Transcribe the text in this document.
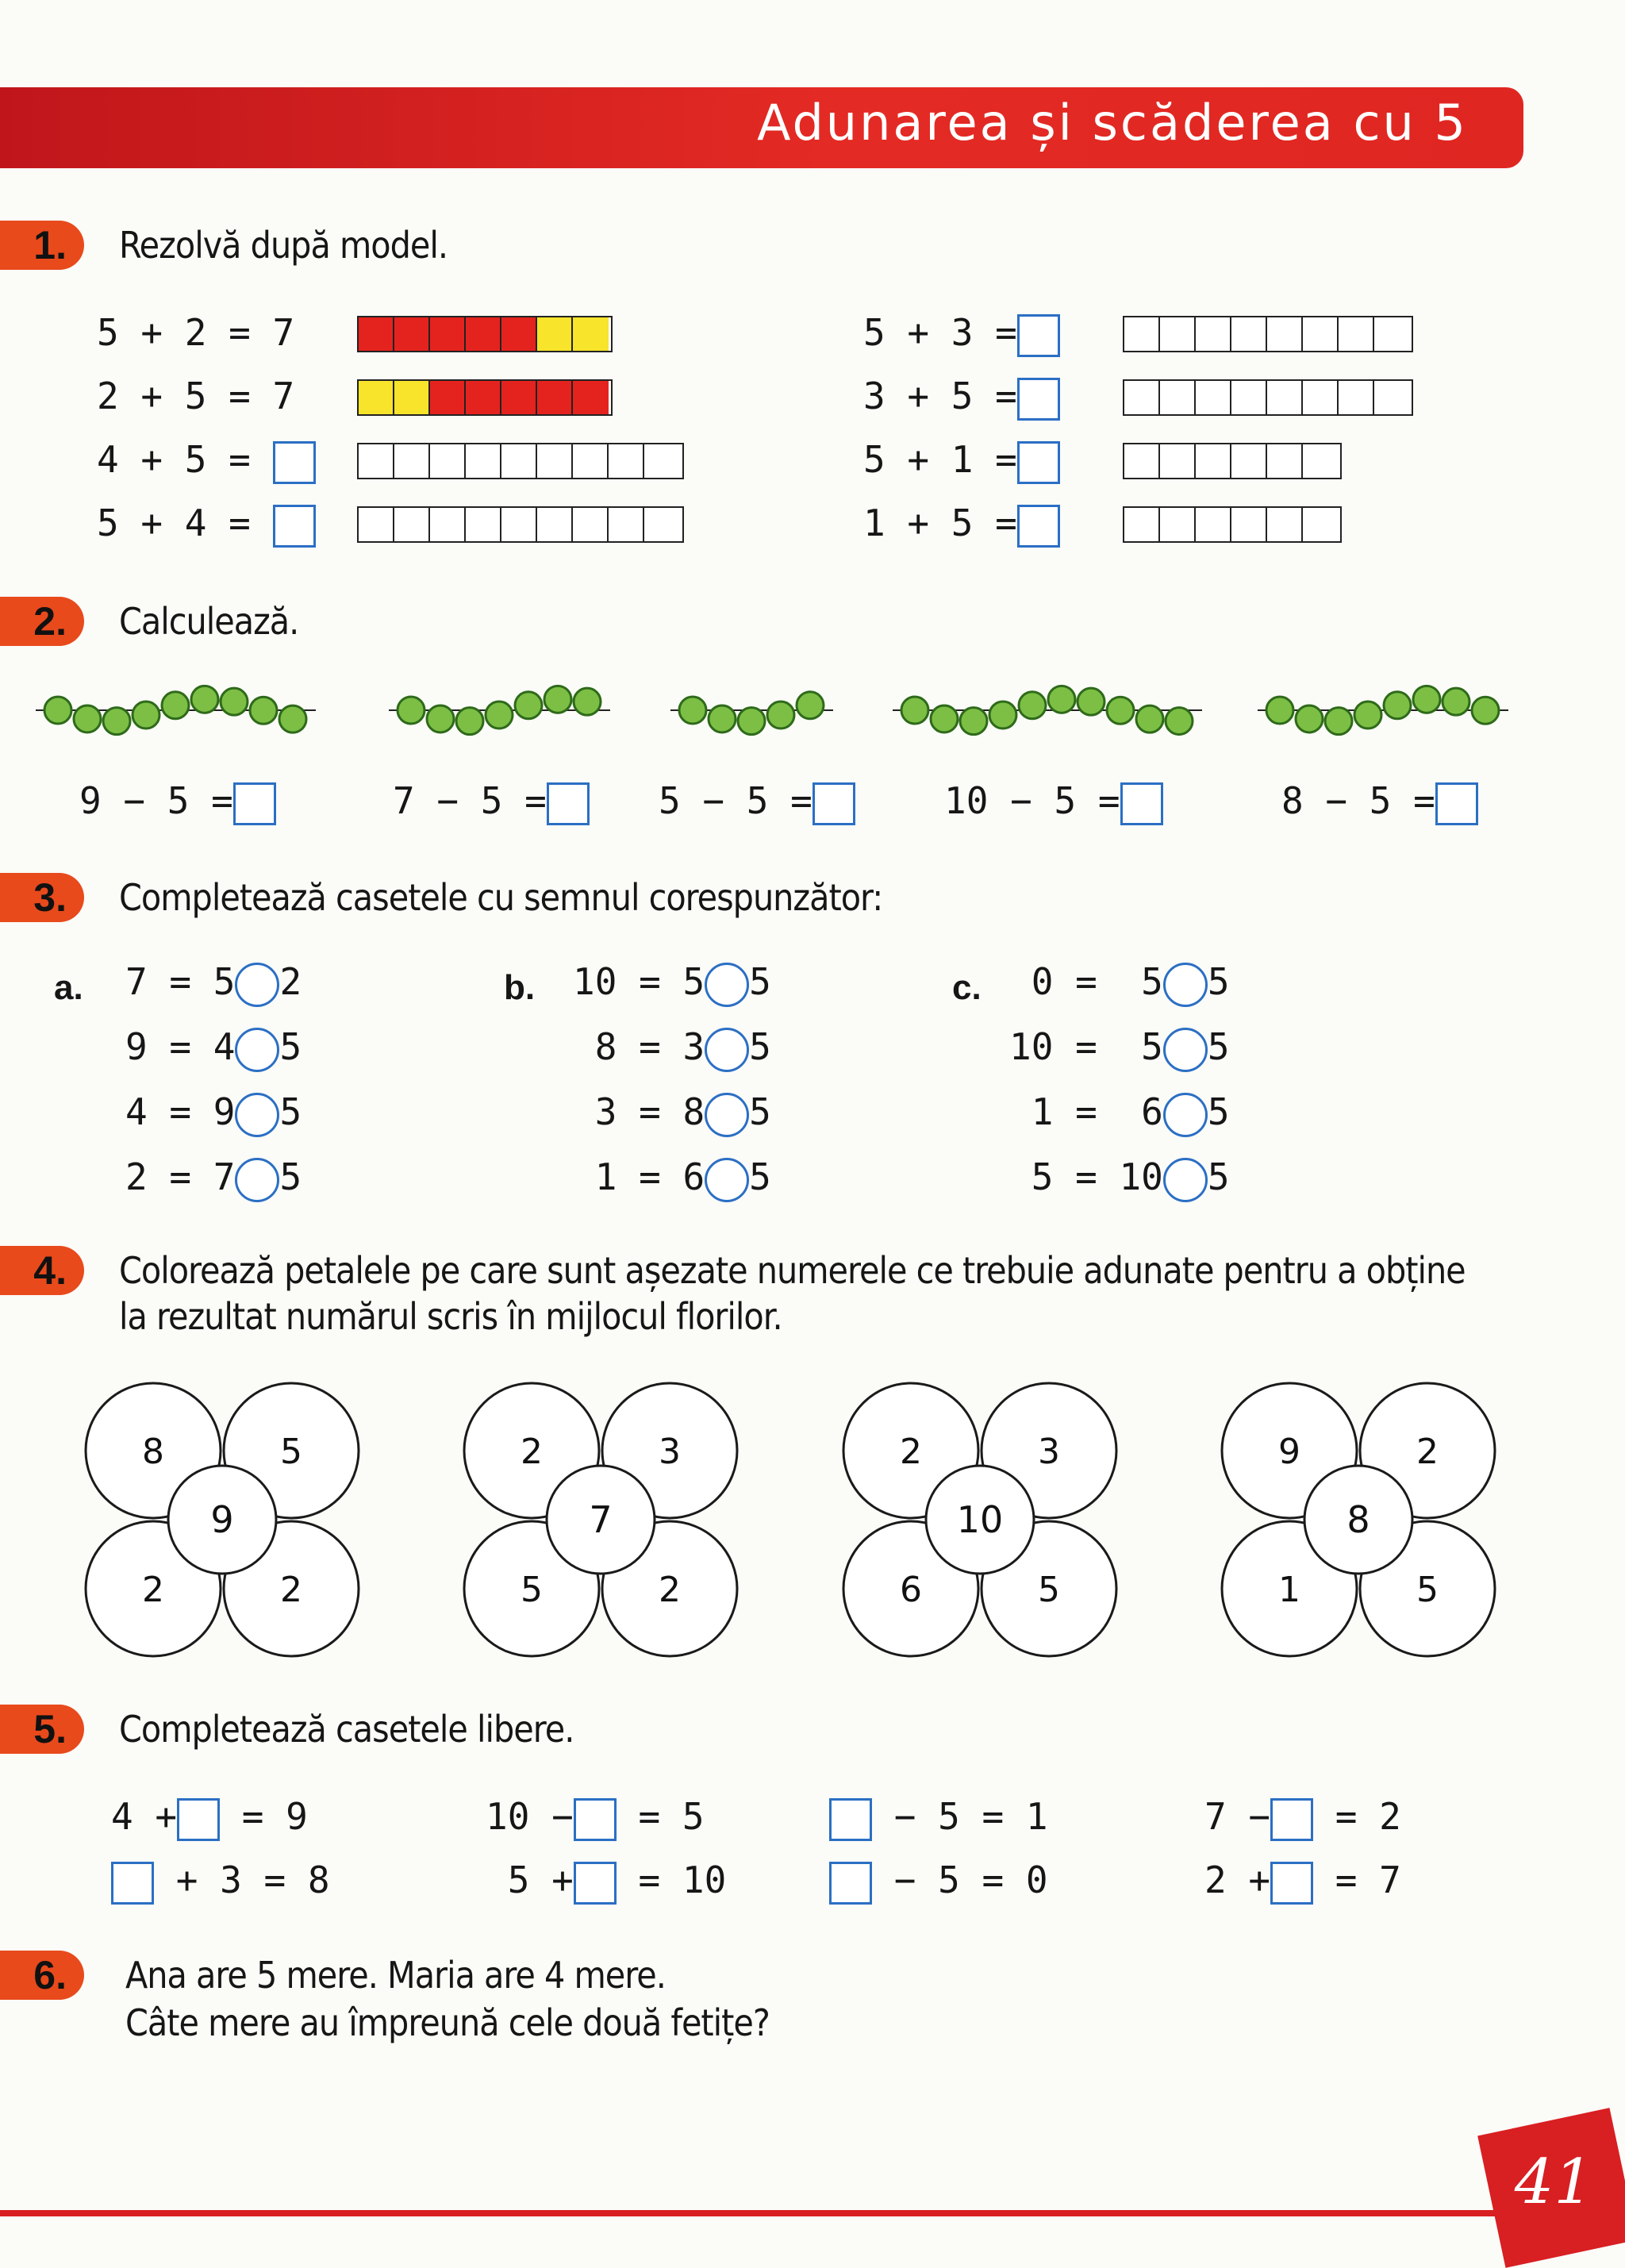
Adunarea și scăderea cu 5
1.	Rezolvă după model.
5 + 2 = 7
2 + 5 = 7
4 + 5 =
5 + 4 =
5 + 3 =
3 + 5 =
5 + 1 =
1 + 5 =
2.	Calculează.
9 − 5 =	7 − 5 =	5 − 5 =	10 − 5 =	8 − 5 =
3.	Completează casetele cu semnul corespunzător:
a.	b.	c.
7 = 5 2
9 = 4 5
4 = 9 5
2 = 7 5
10 = 5 5
8 = 3 5
3 = 8 5
1 = 6 5
0 =  5 5
10 =  5 5
1 =  6 5
5 = 10 5
4.	Colorează petalele pe care sunt așezate numerele ce trebuie adunate pentru a obține
la rezultat numărul scris în mijlocul florilor.
8	5
2	2
9
2	3
5	2
7
2	3
6	5
10
9	2
1	5
8
5.	Completează casetele libere.
4 + = 9
+ 3 = 8
10 − = 5
5 + = 10
− 5 = 1
− 5 = 0
7 − = 2
2 + = 7
6.	Ana are 5 mere. Maria are 4 mere.
Câte mere au împreună cele două fetițe?
41
